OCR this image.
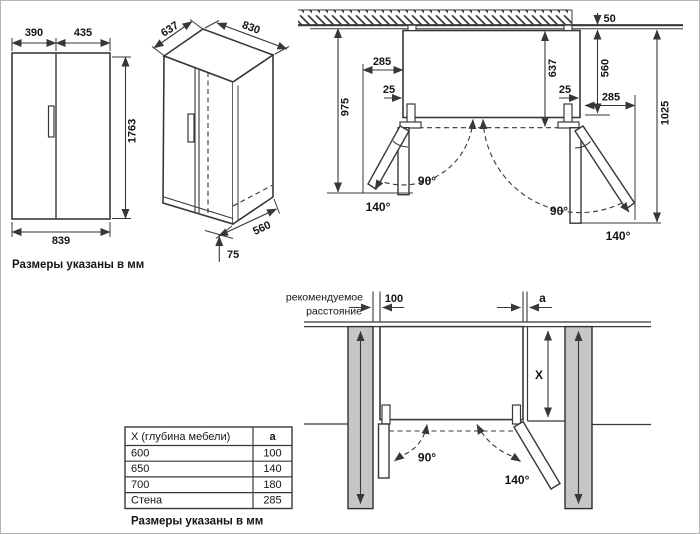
390	435
1763
839
Размеры указаны в мм
637	830
560
75
50
560
637
1025
975
285
25	25
285
90°
140°	90°
140°
рекомендуемое
расстояние
100	a
X
90°
140°
X (глубина мебели)	a
600	100
650	140
700	180
Стена	285
Размеры указаны в мм
